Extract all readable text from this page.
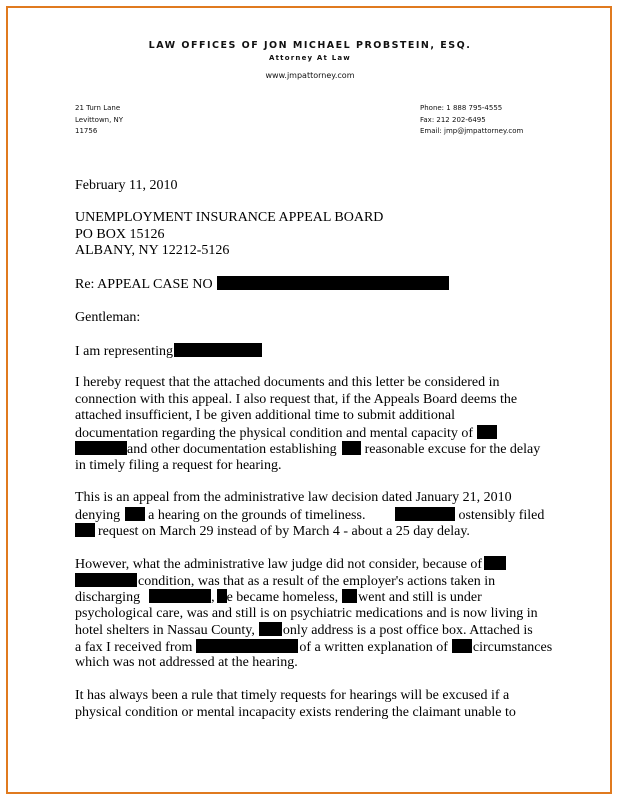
LAW OFFICES OF JON MICHAEL PROBSTEIN, ESQ.
Attorney At Law
www.jmpattorney.com
21 Turn Lane
Levittown, NY
11756
Phone: 1 888 795-4555
Fax: 212 202-6495
Email: jmp@jmpattorney.com
February 11, 2010
UNEMPLOYMENT INSURANCE APPEAL BOARD
PO BOX 15126
ALBANY, NY 12212-5126
Re: APPEAL CASE NO
Gentleman:
I am representing
I hereby request that the attached documents and this letter be considered in
connection with this appeal. I also request that, if the Appeals Board deems the
attached insufficient, I be given additional time to submit additional
documentation regarding the physical condition and mental capacity of
and other documentation establishing reasonable excuse for the delay
in timely filing a request for hearing.
This is an appeal from the administrative law decision dated January 21, 2010
denying a hearing on the grounds of timeliness.	ostensibly filed
request on March 29 instead of by March 4 - about a 25 day delay.
However, what the administrative law judge did not consider, because of
condition, was that as a result of the employer's actions taken in
discharging	, e became homeless, went and still is under
psychological care, was and still is on psychiatric medications and is now living in
hotel shelters in Nassau County, only address is a post office box. Attached is
a fax I received from	of a written explanation of circumstances
which was not addressed at the hearing.
It has always been a rule that timely requests for hearings will be excused if a
physical condition or mental incapacity exists rendering the claimant unable to
